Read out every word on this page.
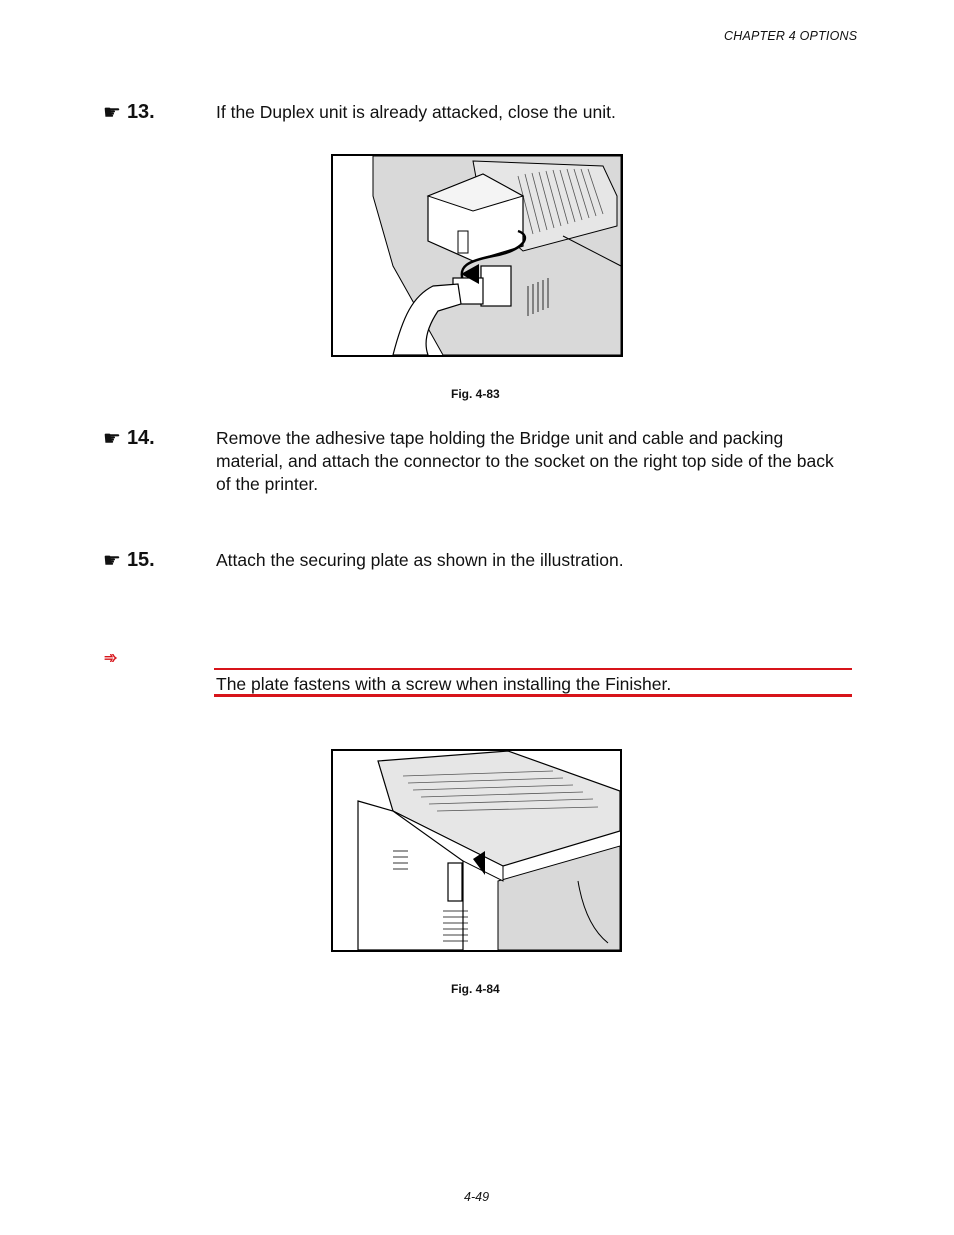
CHAPTER 4 OPTIONS
☛ 13.	If the Duplex unit is already attacked, close the unit.
Fig. 4-83
☛ 14.	Remove the adhesive tape holding the Bridge unit and cable and packing material, and attach the connector to the socket on the right top side of the back of the printer.
☛ 15.	Attach the securing plate as shown in the illustration.
➾
The plate fastens with a screw when installing the Finisher.
Fig. 4-84
4-49
